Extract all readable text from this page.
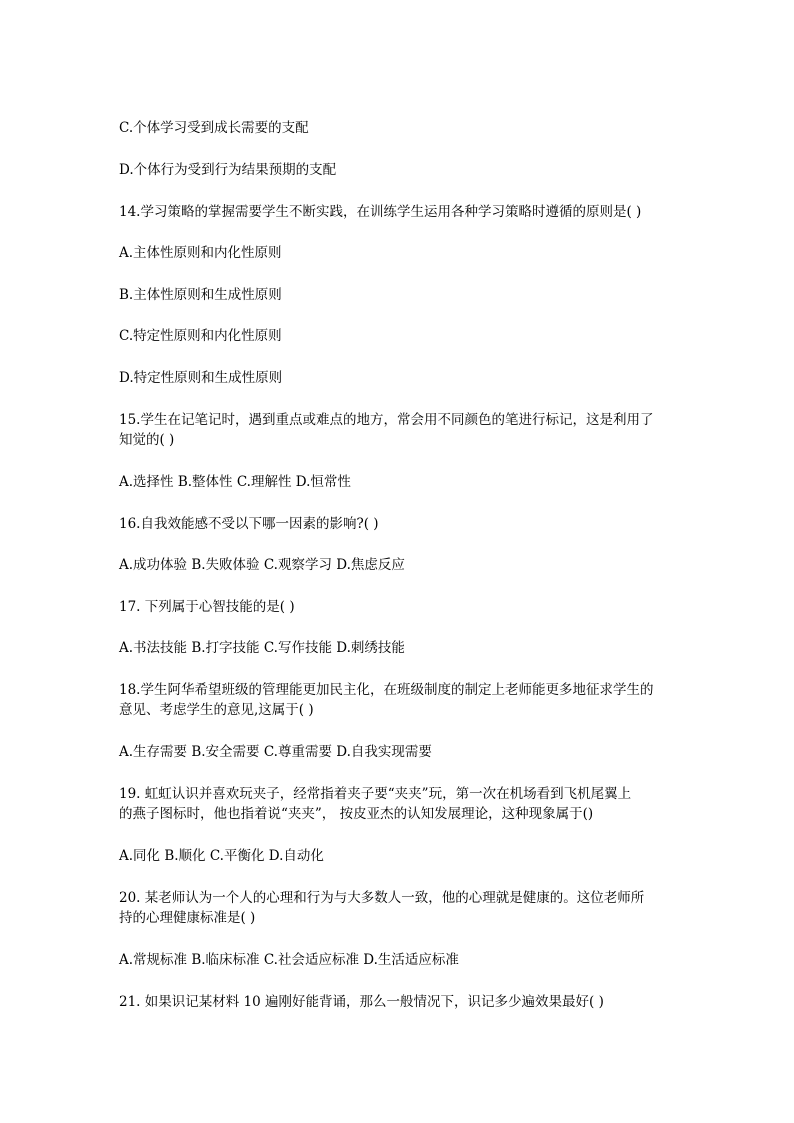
C.个体学习受到成长需要的支配
D.个体行为受到行为结果预期的支配
14.学习策略的掌握需要学生不断实践，在训练学生运用各种学习策略时遵循的原则是( )
A.主体性原则和内化性原则
B.主体性原则和生成性原则
C.特定性原则和内化性原则
D.特定性原则和生成性原则
15.学生在记笔记时，遇到重点或难点的地方，常会用不同颜色的笔进行标记，这是利用了
知觉的( )
A.选择性 B.整体性 C.理解性 D.恒常性
16.自我效能感不受以下哪一因素的影响?( )
A.成功体验 B.失败体验 C.观察学习 D.焦虑反应
17. 下列属于心智技能的是( )
A.书法技能 B.打字技能 C.写作技能 D.刺绣技能
18.学生阿华希望班级的管理能更加民主化，在班级制度的制定上老师能更多地征求学生的
意见、考虑学生的意见,这属于( )
A.生存需要 B.安全需要 C.尊重需要 D.自我实现需要
19. 虹虹认识并喜欢玩夹子，经常指着夹子要“夹夹”玩，第一次在机场看到飞机尾翼上
的燕子图标时，他也指着说“夹夹”， 按皮亚杰的认知发展理论，这种现象属于()
A.同化 B.顺化 C.平衡化 D.自动化
20. 某老师认为一个人的心理和行为与大多数人一致，他的心理就是健康的。这位老师所
持的心理健康标准是( )
A.常规标准 B.临床标准 C.社会适应标准 D.生活适应标准
21. 如果识记某材料 10 遍刚好能背诵，那么一般情况下，识记多少遍效果最好( )
